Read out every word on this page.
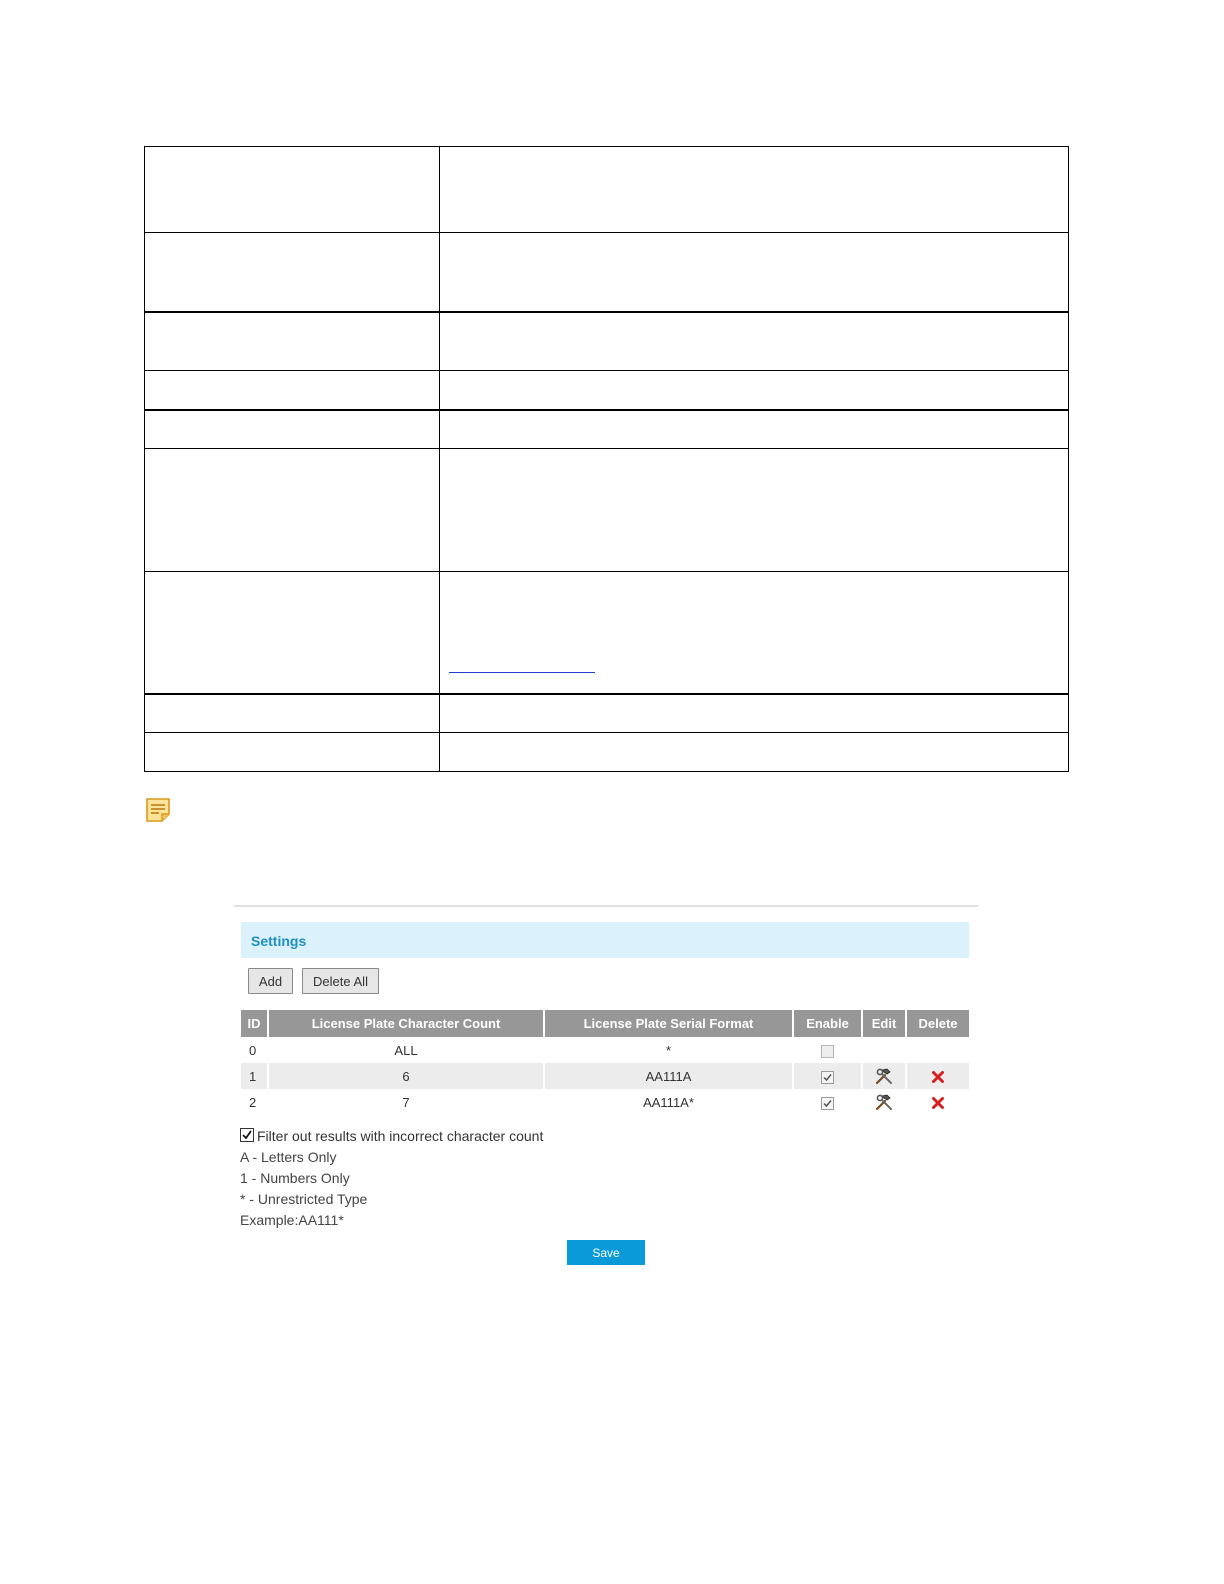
Settings
Add	Delete All
ID	License Plate Character Count	License Plate Serial Format	Enable	Edit	Delete
0	ALL	*			
1	6	AA111A	

2	7	AA111A*	

Filter out results with incorrect character count
A - Letters Only
1 - Numbers Only
* - Unrestricted Type
Example:AA111*
Save
